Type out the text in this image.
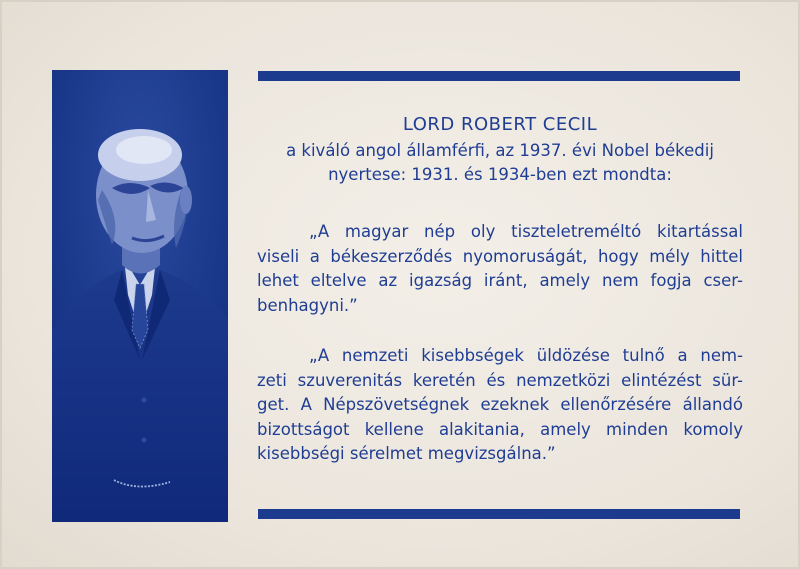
LORD ROBERT CECIL
a kiváló angol államférfi, az 1937. évi Nobel békedij
nyertese: 1931. és 1934-ben ezt mondta:
„A magyar nép oly tiszteletreméltó kitartással
viseli a békeszerződés nyomoruságát, hogy mély hittel
lehet eltelve az igazság iránt, amely nem fogja cser-
benhagyni.”
„A nemzeti kisebbségek üldözése tulnő a nem-
zeti szuverenitás keretén és nemzetközi elintézést sür-
get. A Népszövetségnek ezeknek ellenőrzésére állandó
bizottságot kellene alakitania, amely minden komoly
kisebbségi sérelmet megvizsgálna.”
